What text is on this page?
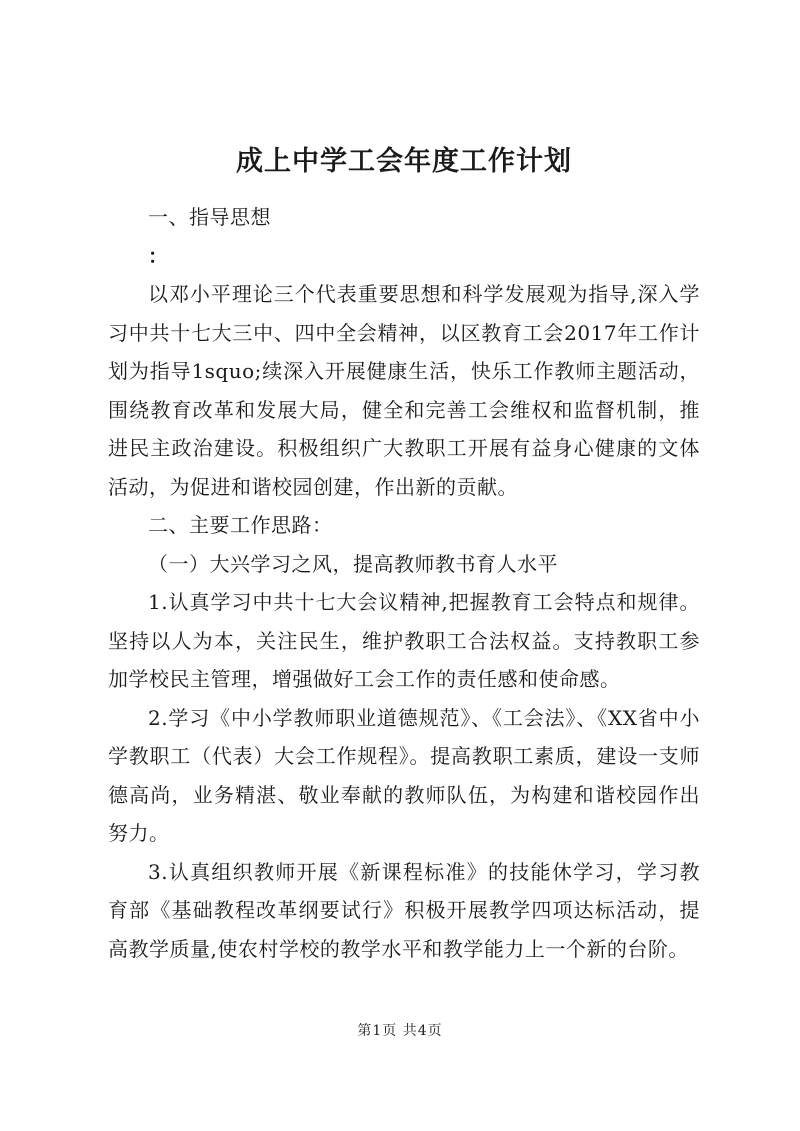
成上中学工会年度工作计划

一、指导思想

：

以邓小平理论三个代表重要思想和科学发展观为指导,深入学习中共十七大三中、四中全会精神，以区教育工会2017年工作计划为指导1squo;续深入开展健康生活，快乐工作教师主题活动，围绕教育改革和发展大局，健全和完善工会维权和监督机制，推进民主政治建设。积极组织广大教职工开展有益身心健康的文体活动，为促进和谐校园创建，作出新的贡献。

二、主要工作思路：

（一）大兴学习之风，提高教师教书育人水平

1.认真学习中共十七大会议精神,把握教育工会特点和规律。坚持以人为本，关注民生，维护教职工合法权益。支持教职工参加学校民主管理，增强做好工会工作的责任感和使命感。

2.学习《中小学教师职业道德规范》、《工会法》、《XX省中小学教职工（代表）大会工作规程》。提高教职工素质，建设一支师德高尚，业务精湛、敬业奉献的教师队伍，为构建和谐校园作出努力。

3.认真组织教师开展《新课程标准》的技能休学习，学习教育部《基础教程改革纲要试行》积极开展教学四项达标活动，提高教学质量,使农村学校的教学水平和教学能力上一个新的台阶。

第1页 共4页
